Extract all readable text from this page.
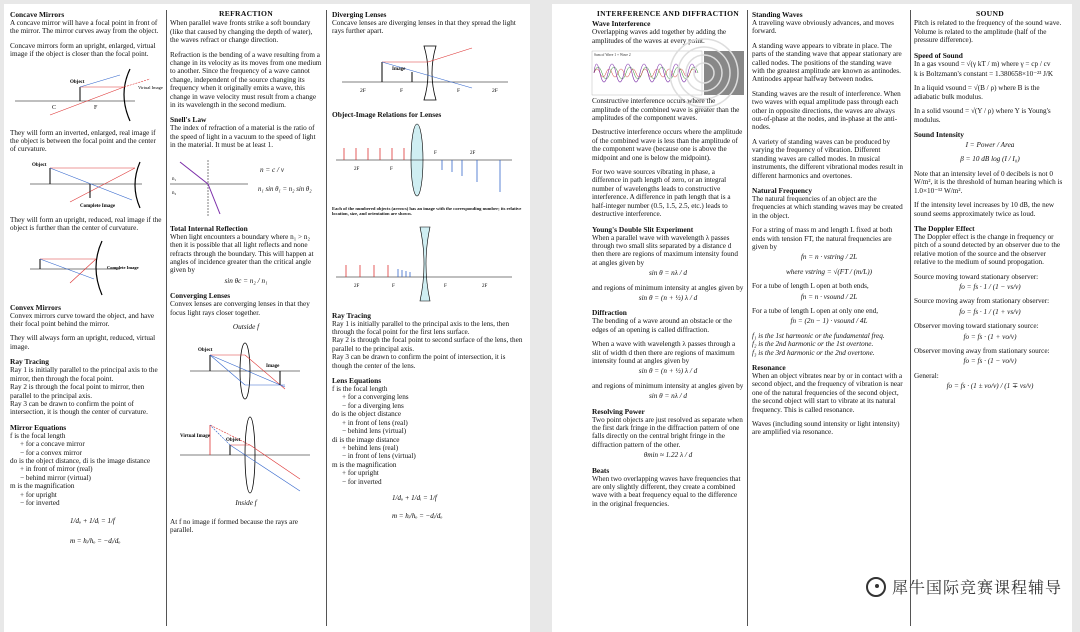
Concave Mirrors

A concave mirror will have a focal point in front of the mirror. The mirror curves away from the object.

Concave mirrors form an upright, enlarged, virtual image if the object is closer than the focal point.

Object
Virtual Image
C	F

They will form an inverted, enlarged, real image if the object is between the focal point and the center of curvature.

Object
Complete Image

They will form an upright, reduced, real image if the object is further than the center of curvature.

Complete Image
Convex Mirrors

Convex mirrors curve toward the object, and have their focal point behind the mirror.

They will always form an upright, reduced, virtual image.

Ray Tracing
Ray 1 is initially parallel to the principal axis to the mirror, then through the focal point.
Ray 2 is through the focal point to mirror, then parallel to the principal axis.
Ray 3 can be drawn to confirm the point of intersection, it is though the center of curvature.
Mirror Equations
f is the focal length
+ for a concave mirror
− for a convex mirror
do is the object distance, di is the image distance
+ in front of mirror (real)
− behind mirror (virtual)
m is the magnification
+ for upright
− for inverted
1/dₒ + 1/dᵢ = 1/f
m = hᵢ/hₒ = −dᵢ/dₒ
REFRACTION

When parallel wave fronts strike a soft boundary (like that caused by changing the depth of water), the waves refract or change direction.

Refraction is the bending of a wave resulting from a change in its velocity as its moves from one medium to another. Since the frequency of a wave cannot change, independent of the source changing its frequency when it originally emits a wave, this change in wave velocity must result from a change in its wavelength in the second medium.

Snell's Law

The index of refraction of a material is the ratio of the speed of light in a vacuum to the speed of light in the material. It must be at least 1.

n₁
n₂
n = c / v
n₁ sin θ₁ = n₂ sin θ₂
Total Internal Reflection

When light encounters a boundary where n₁ > n₂ then it is possible that all light reflects and none refracts through the boundary. This will happen at angles of incidence greater than the critical angle given by

sin θc = n₂ / n₁
Converging Lenses

Convex lenses are converging lenses in that they focus light rays closer together.

Outside f
Object
Image
Virtual Image
Object
Inside f

At f no image if formed because the rays are parallel.

Diverging Lenses

Concave lenses are diverging lenses in that they spread the light rays further apart.

Image
2F	F	F	2F
Object-Image Relations for Lenses
2F	F
F	2F

Each of the numbered objects (arrows) has an image with the corresponding number; its relative location, size, and orientation are shown.

2F	F	F	2F
Ray Tracing
Ray 1 is initially parallel to the principal axis to the lens, then through the focal point for the first lens surface.
Ray 2 is through the focal point to second surface of the lens, then parallel to the principal axis.
Ray 3 can be drawn to confirm the point of intersection, it is though the center of the lens.
Lens Equations
f is the focal length
+ for a converging lens
− for a diverging lens
do is the object distance
+ in front of lens (real)
− behind lens (virtual)
di is the image distance
+ behind lens (real)
− in front of lens (virtual)
m is the magnification
+ for upright
− for inverted
1/dₒ + 1/dᵢ = 1/f
m = hᵢ/hₒ = −dᵢ/dₒ
INTERFERENCE AND DIFFRACTION
Wave Interference

Overlapping waves add together by adding the amplitudes of the waves at every point.

Sum of Wave 1 + Wave 2

Constructive interference occurs where the amplitude of the combined wave is greater than the amplitudes of the component waves.

Destructive interference occurs where the amplitude of the combined wave is less than the amplitude of the component wave (because one is above the midpoint and one is below the midpoint).

For two wave sources vibrating in phase, a difference in path length of zero, or an integral number of wavelengths leads to constructive interference. A difference in path length that is a half-integer number (0.5, 1.5, 2.5, etc.) leads to destructive interference.

Young's Double Slit Experiment

When a parallel wave with wavelength λ passes through two small slits separated by a distance d then there are regions of maximum intensity found at angles given by

sin θ = nλ / d

and regions of minimum intensity at angles given by

sin θ = (n + ½) λ / d
Diffraction

The bending of a wave around an obstacle or the edges of an opening is called diffraction.

When a wave with wavelength λ passes through a slit of width d then there are regions of maximum intensity found at angles given by

sin θ = (n + ½) λ / d

and regions of minimum intensity at angles given by

sin θ = nλ / d
Resolving Power

Two point objects are just resolved as separate when the first dark fringe in the diffraction pattern of one falls directly on the central bright fringe in the diffraction pattern of the other.

θmin ≈ 1.22 λ / d
Beats

When two overlapping waves have frequencies that are only slightly different, they create a combined wave with a beat frequency equal to the difference in the original frequencies.

Standing Waves

A traveling wave obviously advances, and moves forward.

A standing wave appears to vibrate in place. The parts of the standing wave that appear stationary are called nodes. The positions of the standing wave with the greatest amplitude are known as antinodes. Antinodes appear halfway between nodes.

Standing waves are the result of interference. When two waves with equal amplitude pass through each other in opposite directions, the waves are always out-of-phase at the nodes, and in-phase at the anti-nodes.

A variety of standing waves can be produced by varying the frequency of vibration. Different standing waves are called modes. In musical instruments, the different vibrational modes result in different harmonics and overtones.

Natural Frequency

The natural frequencies of an object are the frequencies at which standing waves may be created in the object.

For a string of mass m and length L fixed at both ends with tension FT, the natural frequencies are given by

fn = n · vstring / 2L
where vstring = √(FT / (m/L))

For a tube of length L open at both ends,

fn = n · vsound / 2L

For a tube of length L open at only one end,

fn = (2n − 1) · vsound / 4L
f₁ is the 1st harmonic or the fundamental freq.
f₂ is the 2nd harmonic or the 1st overtone.
f₃ is the 3rd harmonic or the 2nd overtone.
Resonance

When an object vibrates near by or in contact with a second object, and the frequency of vibration is near one of the natural frequencies of the second object, the second object will start to vibrate at its natural frequency. This is called resonance.

Waves (including sound intensity or light intensity) are amplified via resonance.

SOUND

Pitch is related to the frequency of the sound wave. Volume is related to the amplitude (half of the pressure difference).

Speed of Sound

In a gas vsound = √(γ kT / m) where γ = cp / cv

k is Boltzmann's constant = 1.380658×10⁻²³ J/K

In a liquid vsound = √(B / ρ) where B is the adiabatic bulk modulus.

In a solid vsound = √(Y / ρ) where Y is Young's modulus.

Sound Intensity
I = Power / Area
β = 10 dB log (I / I₀)

Note that an intensity level of 0 decibels is not 0 W/m², it is the threshold of human hearing which is 1.0×10⁻¹² W/m².

If the intensity level increases by 10 dB, the new sound seems approximately twice as loud.

The Doppler Effect

The Doppler effect is the change in frequency or pitch of a sound detected by an observer due to the relative motion of the source and the observer relative to the medium of sound propogation.

Source moving toward stationary observer:
fo = fs · 1 / (1 − vs/v)
Source moving away from stationary observer:
fo = fs · 1 / (1 + vs/v)
Observer moving toward stationary source:
fo = fs · (1 + vo/v)
Observer moving away from stationary source:
fo = fs · (1 − vo/v)
General:
fo = fs · (1 ± vo/v) / (1 ∓ vs/v)
犀牛国际竞赛课程辅导
